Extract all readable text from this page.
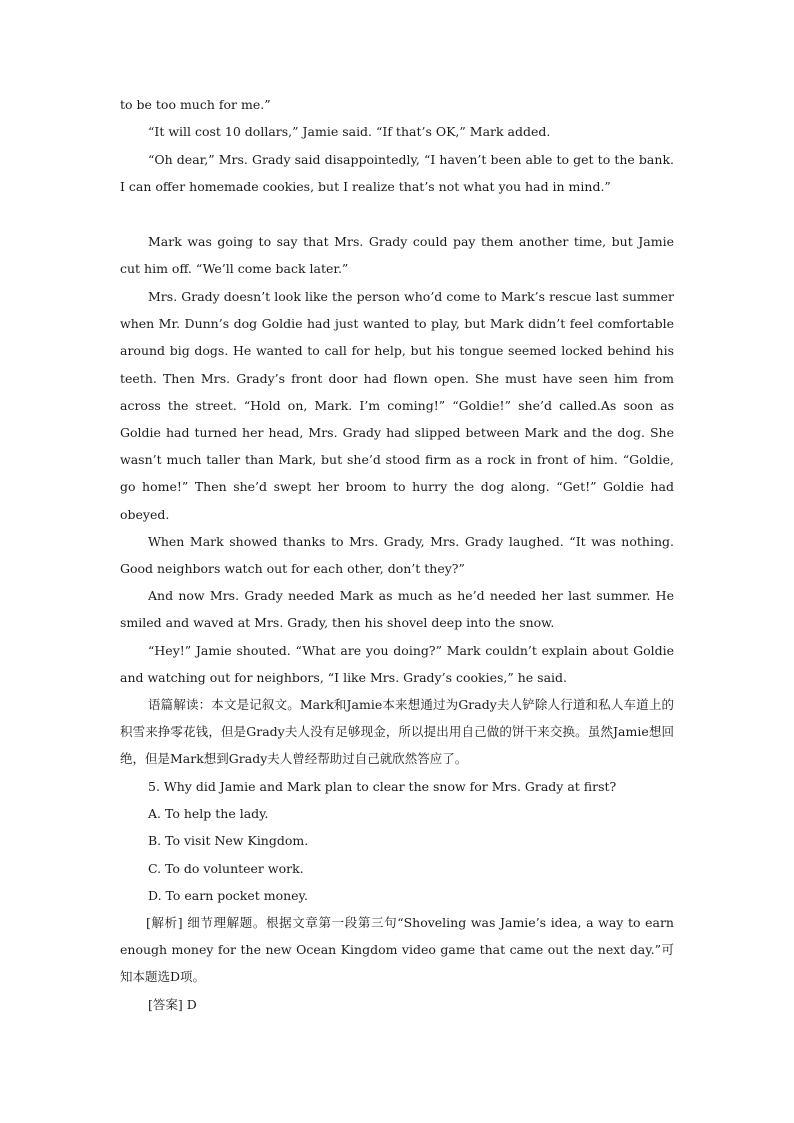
to be too much for me.”

“It will cost 10 dollars,” Jamie said. “If that’s OK,” Mark added.

“Oh dear,” Mrs. Grady said disappointedly, “I haven’t been able to get to the bank. I can offer homemade cookies, but I realize that’s not what you had in mind.”

Mark was going to say that Mrs. Grady could pay them another time, but Jamie cut him off. “We’ll come back later.”

Mrs. Grady doesn’t look like the person who’d come to Mark’s rescue last summer when Mr. Dunn’s dog Goldie had just wanted to play, but Mark didn’t feel comfortable around big dogs. He wanted to call for help, but his tongue seemed locked behind his teeth. Then Mrs. Grady’s front door had flown open. She must have seen him from across the street. “Hold on, Mark. I’m coming!” “Goldie!” she’d called.As soon as Goldie had turned her head, Mrs. Grady had slipped between Mark and the dog. She wasn’t much taller than Mark, but she’d stood firm as a rock in front of him. “Goldie, go home!” Then she’d swept her broom to hurry the dog along. “Get!” Goldie had obeyed.

When Mark showed thanks to Mrs. Grady, Mrs. Grady laughed. “It was nothing. Good neighbors watch out for each other, don’t they?”

And now Mrs. Grady needed Mark as much as he’d needed her last summer. He smiled and waved at Mrs. Grady, then his shovel deep into the snow.

“Hey!” Jamie shouted. “What are you doing?” Mark couldn’t explain about Goldie and watching out for neighbors, “I like Mrs. Grady’s cookies,” he said.

语篇解读：本文是记叙文。Mark和Jamie本来想通过为Grady夫人铲除人行道和私人车道上的积雪来挣零花钱，但是Grady夫人没有足够现金，所以提出用自己做的饼干来交换。虽然Jamie想回绝，但是Mark想到Grady夫人曾经帮助过自己就欣然答应了。

5. Why did Jamie and Mark plan to clear the snow for Mrs. Grady at first?

A. To help the lady.

B. To visit New Kingdom.

C. To do volunteer work.

D. To earn pocket money.

[解析] 细节理解题。根据文章第一段第三句“Shoveling was Jamie’s idea, a way to earn enough money for the new Ocean Kingdom video game that came out the next day.”可知本题选D项。

[答案] D
